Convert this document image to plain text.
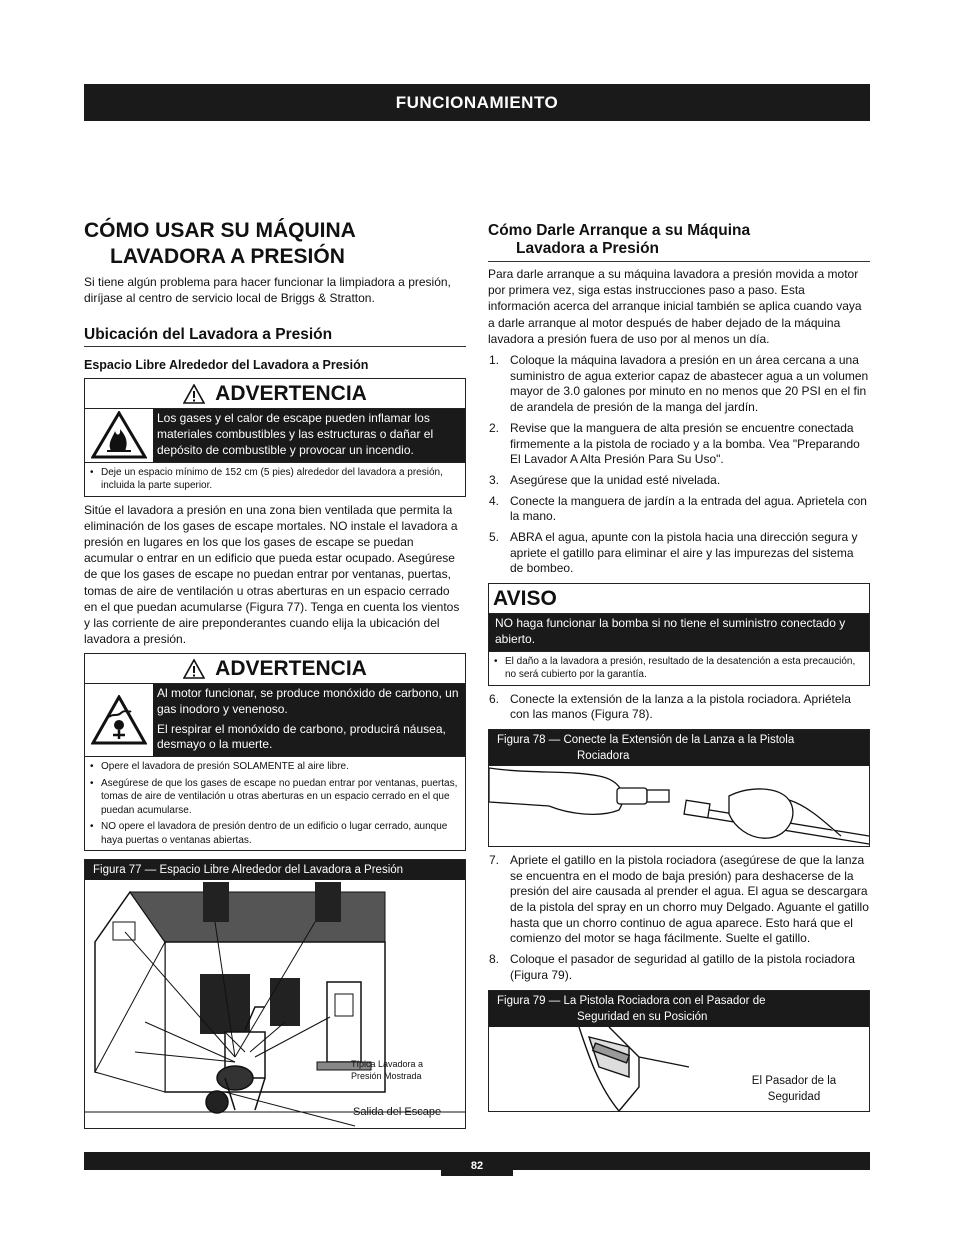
FUNCIONAMIENTO
CÓMO USAR SU MÁQUINA
LAVADORA A PRESIÓN

Si tiene algún problema para hacer funcionar la limpiadora a presión, diríjase al centro de servicio local de Briggs & Stratton.

Ubicación del Lavadora a Presión
Espacio Libre Alrededor del Lavadora a Presión
ADVERTENCIA
Los gases y el calor de escape pueden inflamar los materiales combustibles y las estructuras o dañar el depósito de combustible y provocar un incendio.
• Deje un espacio mínimo de 152 cm (5 pies) alrededor del lavadora a presión, incluida la parte superior.

Sitúe el lavadora a presión en una zona bien ventilada que permita la eliminación de los gases de escape mortales. NO instale el lavadora a presión en lugares en los que los gases de escape se puedan acumular o entrar en un edificio que pueda estar ocupado. Asegúrese de que los gases de escape no puedan entrar por ventanas, puertas, tomas de aire de ventilación u otras aberturas en un espacio cerrado en el que puedan acumularse (Figura 77). Tenga en cuenta los vientos y las corriente de aire preponderantes cuando elija la ubicación del lavadora a presión.

ADVERTENCIA
Al motor funcionar, se produce monóxido de carbono, un gas inodoro y venenoso.
El respirar el monóxido de carbono, producirá náusea, desmayo o la muerte.
• Opere el lavadora de presión SOLAMENTE al aire libre.
• Asegúrese de que los gases de escape no puedan entrar por ventanas, puertas, tomas de aire de ventilación u otras aberturas en un espacio cerrado en el que puedan acumularse.
• NO opere el lavadora de presión dentro de un edificio o lugar cerrado, aunque haya puertas o ventanas abiertas.
Figura 77 — Espacio Libre Alrededor del Lavadora a Presión
Típica Lavadora a
Presión Mostrada
Salida del Escape
Cómo Darle Arranque a su Máquina
Lavadora a Presión

Para darle arranque a su máquina lavadora a presión movida a motor por primera vez, siga estas instrucciones paso a paso. Esta información acerca del arranque inicial también se aplica cuando vaya a darle arranque al motor después de haber dejado de la máquina lavadora a presión fuera de uso por al menos un día.

1. Coloque la máquina lavadora a presión en un área cercana a una suministro de agua exterior capaz de abastecer agua a un volumen mayor de 3.0 galones por minuto en no menos que 20 PSI en el fin de arandela de presión de la manga del jardín.
2. Revise que la manguera de alta presión se encuentre conectada firmemente a la pistola de rociado y a la bomba. Vea "Preparando El Lavador A Alta Presión Para Su Uso".
3. Asegúrese que la unidad esté nivelada.
4. Conecte la manguera de jardín a la entrada del agua. Aprietela con la mano.
5. ABRA el agua, apunte con la pistola hacia una dirección segura y apriete el gatillo para eliminar el aire y las impurezas del sistema de bombeo.
AVISO
NO haga funcionar la bomba si no tiene el suministro conectado y abierto.
• El daño a la lavadora a presión, resultado de la desatención a esta precaución, no será cubierto por la garantía.
6. Conecte la extensión de la lanza a la pistola rociadora. Apriétela con las manos (Figura 78).
Figura 78 — Conecte la Extensión de la Lanza a la Pistola
Rociadora
7. Apriete el gatillo en la pistola rociadora (asegúrese de que la lanza se encuentra en el modo de baja presión) para deshacerse de la presión del aire causada al prender el agua. El agua se descargara de la pistola del spray en un chorro muy Delgado. Aguante el gatillo hasta que un chorro continuo de agua aparece. Esto hará que el comienzo del motor se haga fácilmente. Suelte el gatillo.
8. Coloque el pasador de seguridad al gatillo de la pistola rociadora (Figura 79).
Figura 79 — La Pistola Rociadora con el Pasador de
Seguridad en su Posición
El Pasador de la
Seguridad
82
